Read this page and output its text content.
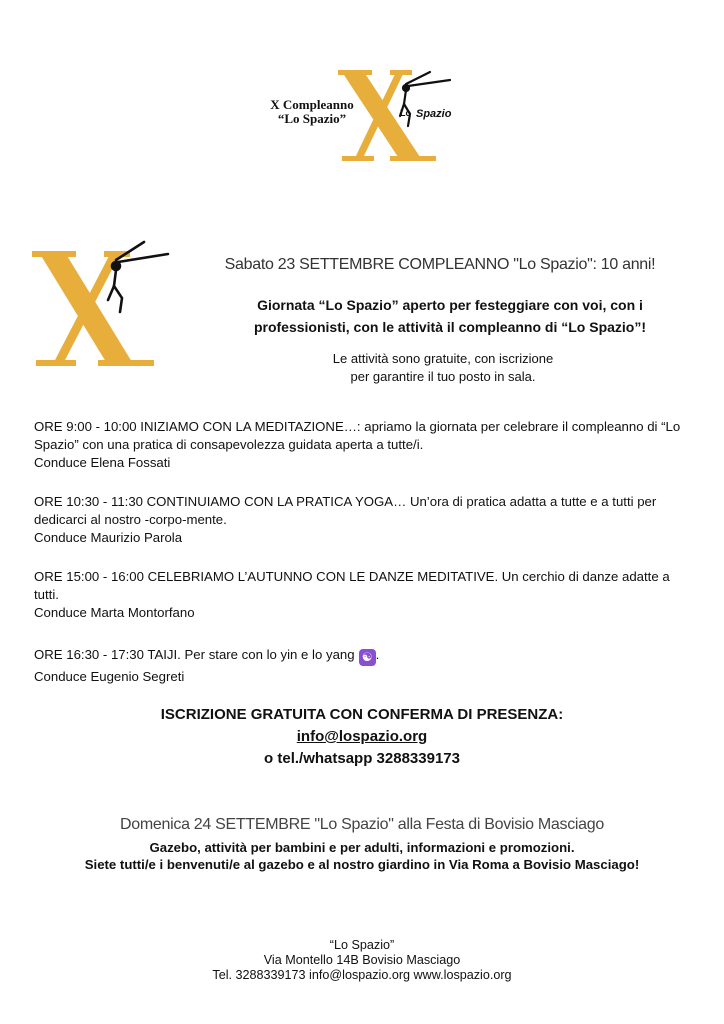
X Compleanno
“Lo Spazio”	Lo Spazio
Sabato 23 SETTEMBRE COMPLEANNO "Lo Spazio": 10 anni!
Giornata “Lo Spazio” aperto per festeggiare con voi, con i
professionisti, con le attività il compleanno di “Lo Spazio”!
Le attività sono gratuite, con iscrizione
per garantire il tuo posto in sala.

ORE 9:00 - 10:00 INIZIAMO CON LA MEDITAZIONE…: apriamo la giornata per celebrare il compleanno di “Lo Spazio” con una pratica di consapevolezza guidata aperta a tutte/i.

Conduce Elena Fossati

ORE 10:30 - 11:30 CONTINUIAMO CON LA PRATICA YOGA… Un’ora di pratica adatta a tutte e a tutti per dedicarci al nostro -corpo-mente.

Conduce Maurizio Parola

ORE 15:00 - 16:00 CELEBRIAMO L’AUTUNNO CON LE DANZE MEDITATIVE. Un cerchio di danze adatte a tutti.

Conduce Marta Montorfano

ORE 16:30 - 17:30 TAIJI. Per stare con lo yin e lo yang ☯ .

Conduce Eugenio Segreti

ISCRIZIONE GRATUITA CON CONFERMA DI PRESENZA:
info@lospazio.org
o tel./whatsapp 3288339173
Domenica 24 SETTEMBRE "Lo Spazio" alla Festa di Bovisio Masciago
Gazebo, attività per bambini e per adulti, informazioni e promozioni.
Siete tutti/e i benvenuti/e al gazebo e al nostro giardino in Via Roma a Bovisio Masciago!
“Lo Spazio”
Via Montello 14B Bovisio Masciago
Tel. 3288339173 info@lospazio.org www.lospazio.org
